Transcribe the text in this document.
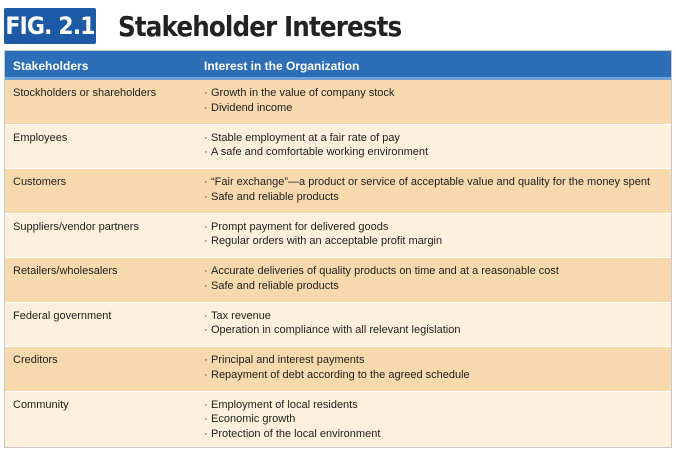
FIG. 2.1 Stakeholder Interests
Stakeholders	Interest in the Organization
Stockholders or shareholders	· Growth in the value of company stock
· Dividend income
Employees	· Stable employment at a fair rate of pay
· A safe and comfortable working environment
Customers	· “Fair exchange”—a product or service of acceptable value and quality for the money spent
· Safe and reliable products
Suppliers/vendor partners	· Prompt payment for delivered goods
· Regular orders with an acceptable profit margin
Retailers/wholesalers	· Accurate deliveries of quality products on time and at a reasonable cost
· Safe and reliable products
Federal government	· Tax revenue
· Operation in compliance with all relevant legislation
Creditors	· Principal and interest payments
· Repayment of debt according to the agreed schedule
Community	· Employment of local residents
· Economic growth
· Protection of the local environment
